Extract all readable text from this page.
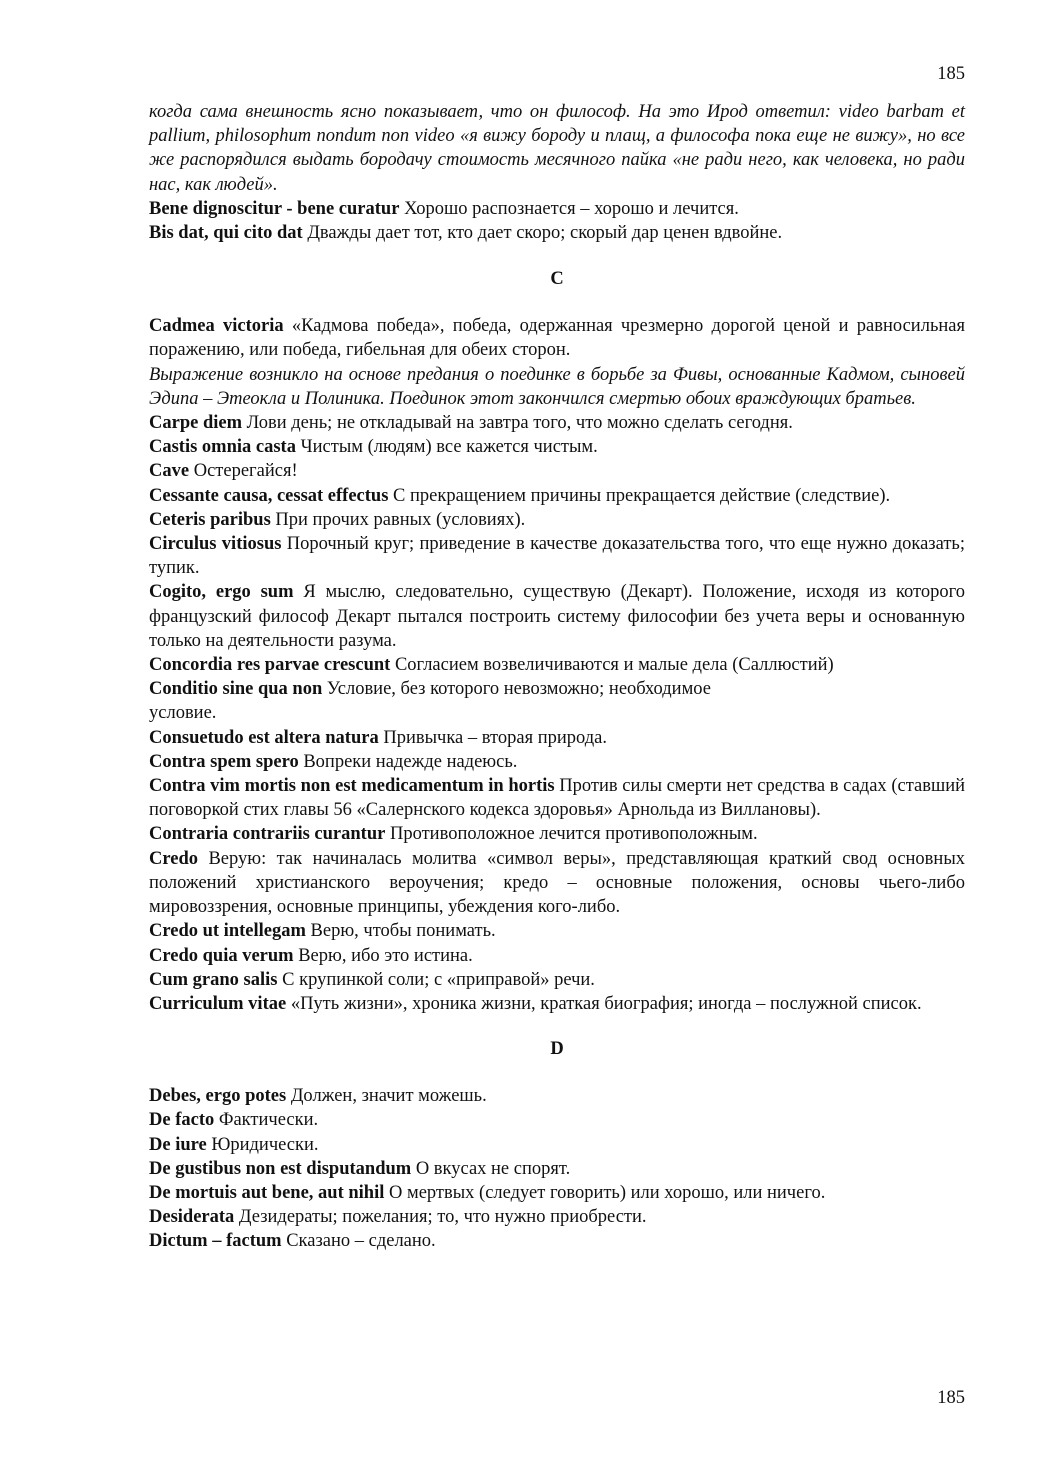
185

когда сама внешность ясно показывает, что он философ. На это Ирод ответил: video barbam et pallium, philosophum nondum non video «я вижу бороду и плащ, а философа пока еще не вижу», но все же распорядился выдать бородачу стоимость месячного пайка «не ради него, как человека, но ради нас, как людей».

Bene dignoscitur - bene curatur Хорошо распознается – хорошо и лечится.

Bis dat, qui cito dat Дважды дает тот, кто дает скоро; скорый дар ценен вдвойне.

С

Cadmea victoria «Кадмова победа», победа, одержанная чрезмерно дорогой ценой и равносильная поражению, или победа, гибельная для обеих сторон.

Выражение возникло на основе предания о поединке в борьбе за Фивы, основанные Кадмом, сыновей Эдипа – Этеокла и Полиника. Поединок этот закончился смертью обоих враждующих братьев.

Carpe diem Лови день; не откладывай на завтра того, что можно сделать сегодня.

Castis omnia casta Чистым (людям) все кажется чистым.

Cave Остерегайся!

Cessante causa, cessat effectus С прекращением причины прекращается действие (следствие).

Ceteris paribus При прочих равных (условиях).

Circulus vitiosus Порочный круг; приведение в качестве доказательства того, что еще нужно доказать; тупик.

Cogito, ergo sum Я мыслю, следовательно, существую (Декарт). Положение, исходя из которого французский философ Декарт пытался построить систему философии без учета веры и основанную только на деятельности разума.

Concordia res parvae crescunt Согласием возвеличиваются и малые дела (Саллюстий)

Conditio sine qua non Условие, без которого невозможно; необходимое

условие.

Consuetudo est altera natura Привычка – вторая природа.

Contra spem spero Вопреки надежде надеюсь.

Contra vim mortis non est medicamentum in hortis Против силы смерти нет средства в садах (ставший поговоркой стих главы 56 «Салернского кодекса здоровья» Арнольда из Виллановы).

Contraria contrariis curantur Противоположное лечится противоположным.

Credo Верую: так начиналась молитва «символ веры», представляющая краткий свод основных положений христианского вероучения; кредо – основные положения, основы чьего-либо мировоззрения, основные принципы, убеждения кого-либо.

Credo ut intellegam Верю, чтобы понимать.

Credo quia verum Верю, ибо это истина.

Cum grano salis С крупинкой соли; с «приправой» речи.

Curriculum vitae «Путь жизни», хроника жизни, краткая биография; иногда – послужной список.

D

Debes, ergo potes Должен, значит можешь.

De facto Фактически.

De iure Юридически.

De gustibus non est disputandum О вкусах не спорят.

De mortuis aut bene, aut nihil О мертвых (следует говорить) или хорошо, или ничего.

Desiderata Дезидераты; пожелания; то, что нужно приобрести.

Dictum – factum Сказано – сделано.

185
